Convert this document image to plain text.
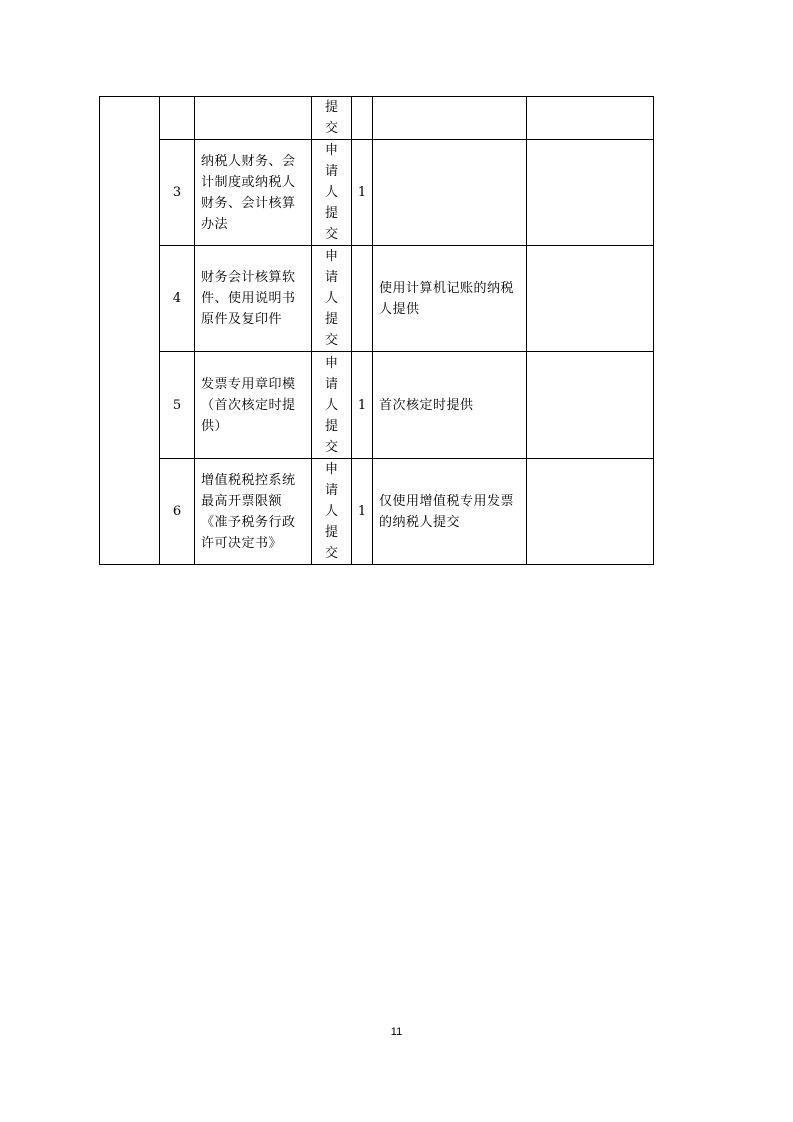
			提交			

	3	纳税人财务、会计制度或纳税人财务、会计核算办法	申请人提交	1	

	4	财务会计核算软件、使用说明书原件及复印件	申请人提交		使用计算机记账的纳税人提供	

	5	发票专用章印模（首次核定时提供）	申请人提交	1	首次核定时提供	

	6	增值税税控系统最高开票限额《准予税务行政许可决定书》	申请人提交	1	仅使用增值税专用发票的纳税人提交	

11
